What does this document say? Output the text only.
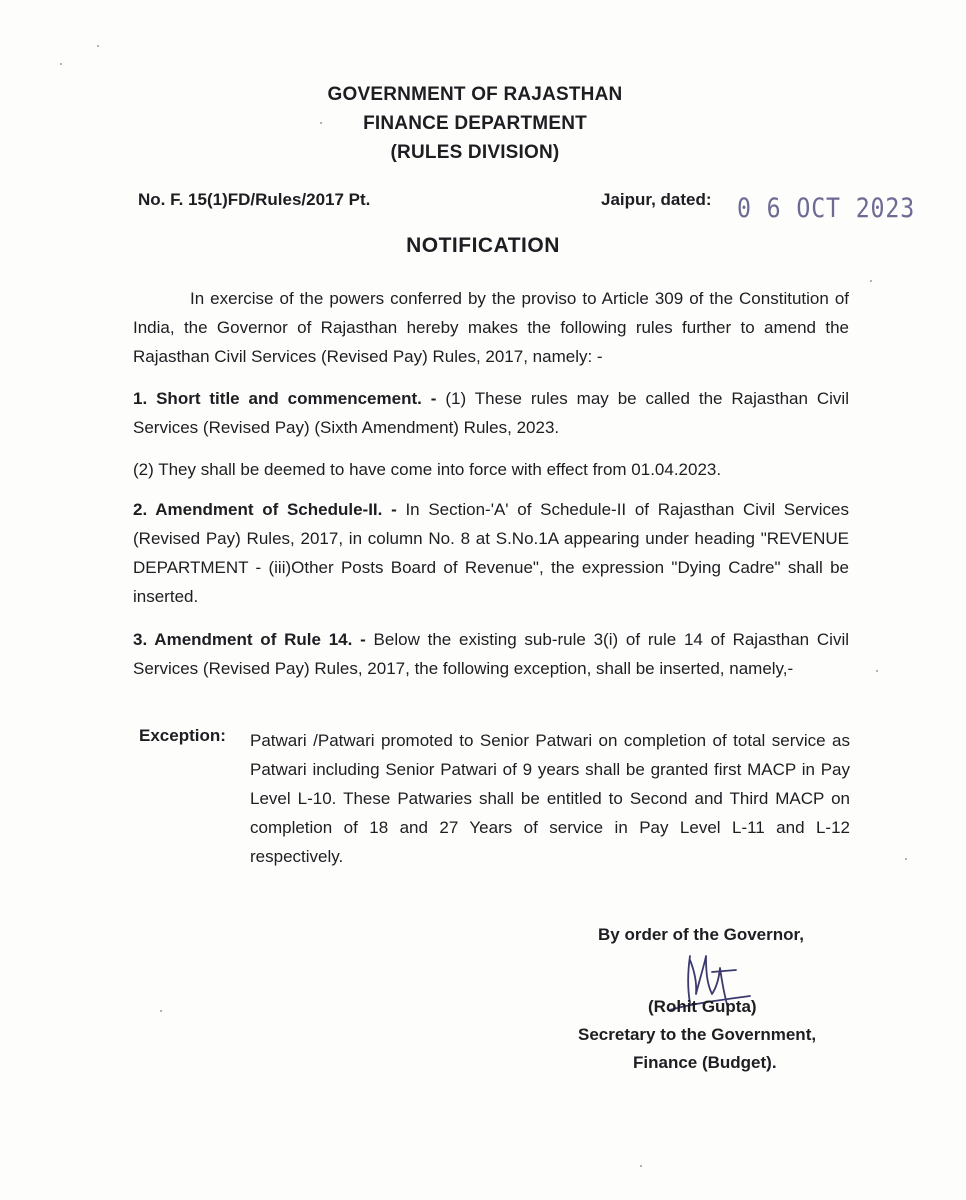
GOVERNMENT OF RAJASTHAN
FINANCE DEPARTMENT
(RULES DIVISION)
No. F. 15(1)FD/Rules/2017 Pt.	Jaipur, dated: 0 6 OCT 2023
NOTIFICATION
In exercise of the powers conferred by the proviso to Article 309 of the Constitution of India, the Governor of Rajasthan hereby makes the following rules further to amend the Rajasthan Civil Services (Revised Pay) Rules, 2017, namely: -
1. Short title and commencement. - (1) These rules may be called the Rajasthan Civil Services (Revised Pay) (Sixth Amendment) Rules, 2023.
(2) They shall be deemed to have come into force with effect from 01.04.2023.
2. Amendment of Schedule-II. - In Section-'A' of Schedule-II of Rajasthan Civil Services (Revised Pay) Rules, 2017, in column No. 8 at S.No.1A appearing under heading "REVENUE DEPARTMENT - (iii)Other Posts Board of Revenue", the expression "Dying Cadre" shall be inserted.
3. Amendment of Rule 14. - Below the existing sub-rule 3(i) of rule 14 of Rajasthan Civil Services (Revised Pay) Rules, 2017, the following exception, shall be inserted, namely,-
Exception: Patwari /Patwari promoted to Senior Patwari on completion of total service as Patwari including Senior Patwari of 9 years shall be granted first MACP in Pay Level L-10. These Patwaries shall be entitled to Second and Third MACP on completion of 18 and 27 Years of service in Pay Level L-11 and L-12 respectively.
By order of the Governor,
(Rohit Gupta)
Secretary to the Government,
Finance (Budget).
